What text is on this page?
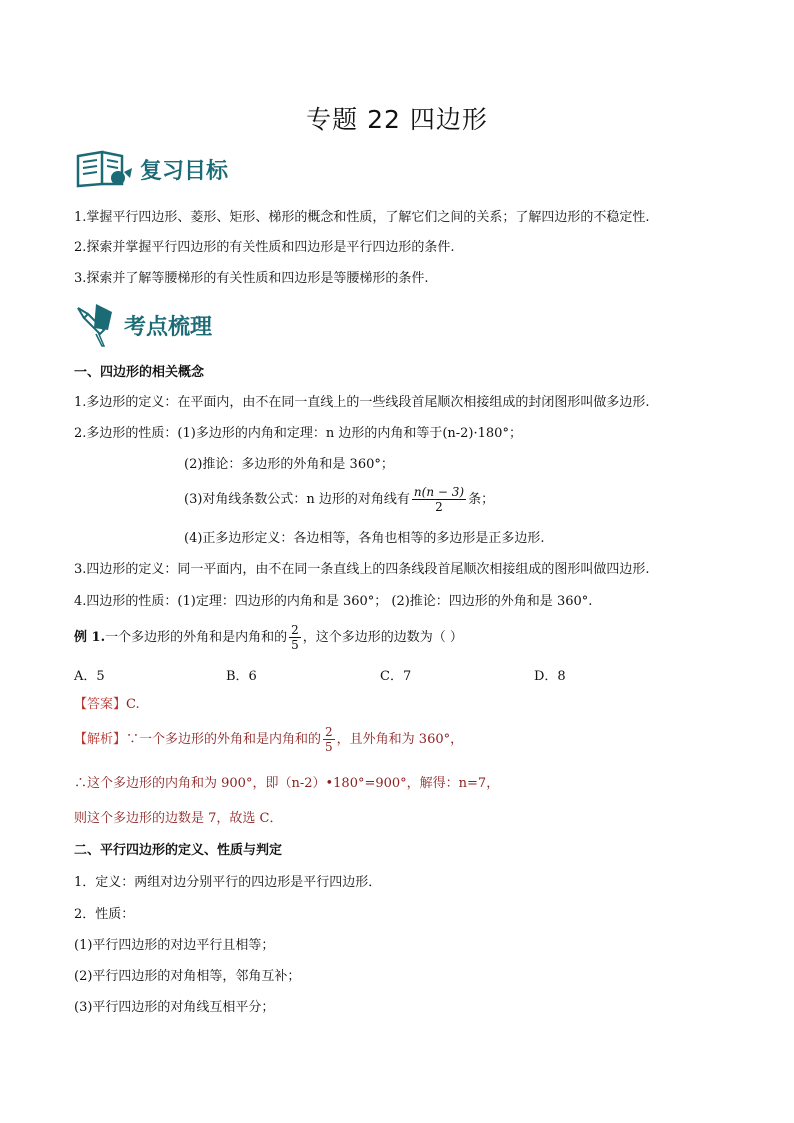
专题 22 四边形
复习目标
1.掌握平行四边形、菱形、矩形、梯形的概念和性质，了解它们之间的关系；了解四边形的不稳定性.
2.探索并掌握平行四边形的有关性质和四边形是平行四边形的条件.
3.探索并了解等腰梯形的有关性质和四边形是等腰梯形的条件.
考点梳理
一、四边形的相关概念
1.多边形的定义：在平面内，由不在同一直线上的一些线段首尾顺次相接组成的封闭图形叫做多边形.
2.多边形的性质：(1)多边形的内角和定理：n 边形的内角和等于(n-2)·180°；
(2)推论：多边形的外角和是 360°；
(3)对角线条数公式：n 边形的对角线有 $\frac{n(n - 3)}{2}$ 条；
(4)正多边形定义：各边相等，各角也相等的多边形是正多边形.
3.四边形的定义：同一平面内，由不在同一条直线上的四条线段首尾顺次相接组成的图形叫做四边形.
4.四边形的性质：(1)定理：四边形的内角和是 360°； (2)推论：四边形的外角和是 360°.
例 1.一个多边形的外角和是内角和的 $\frac{2}{5}$ ，这个多边形的边数为（ ）
A．5	B．6	C．7	D．8
【答案】C.
【解析】∵一个多边形的外角和是内角和的 $\frac{2}{5}$ ，且外角和为 360°，
∴这个多边形的内角和为 900°，即（n-2）•180°=900°，解得：n=7，
则这个多边形的边数是 7，故选 C．
二、平行四边形的定义、性质与判定
1．定义：两组对边分别平行的四边形是平行四边形．
2．性质：
(1)平行四边形的对边平行且相等；
(2)平行四边形的对角相等，邻角互补；
(3)平行四边形的对角线互相平分；
